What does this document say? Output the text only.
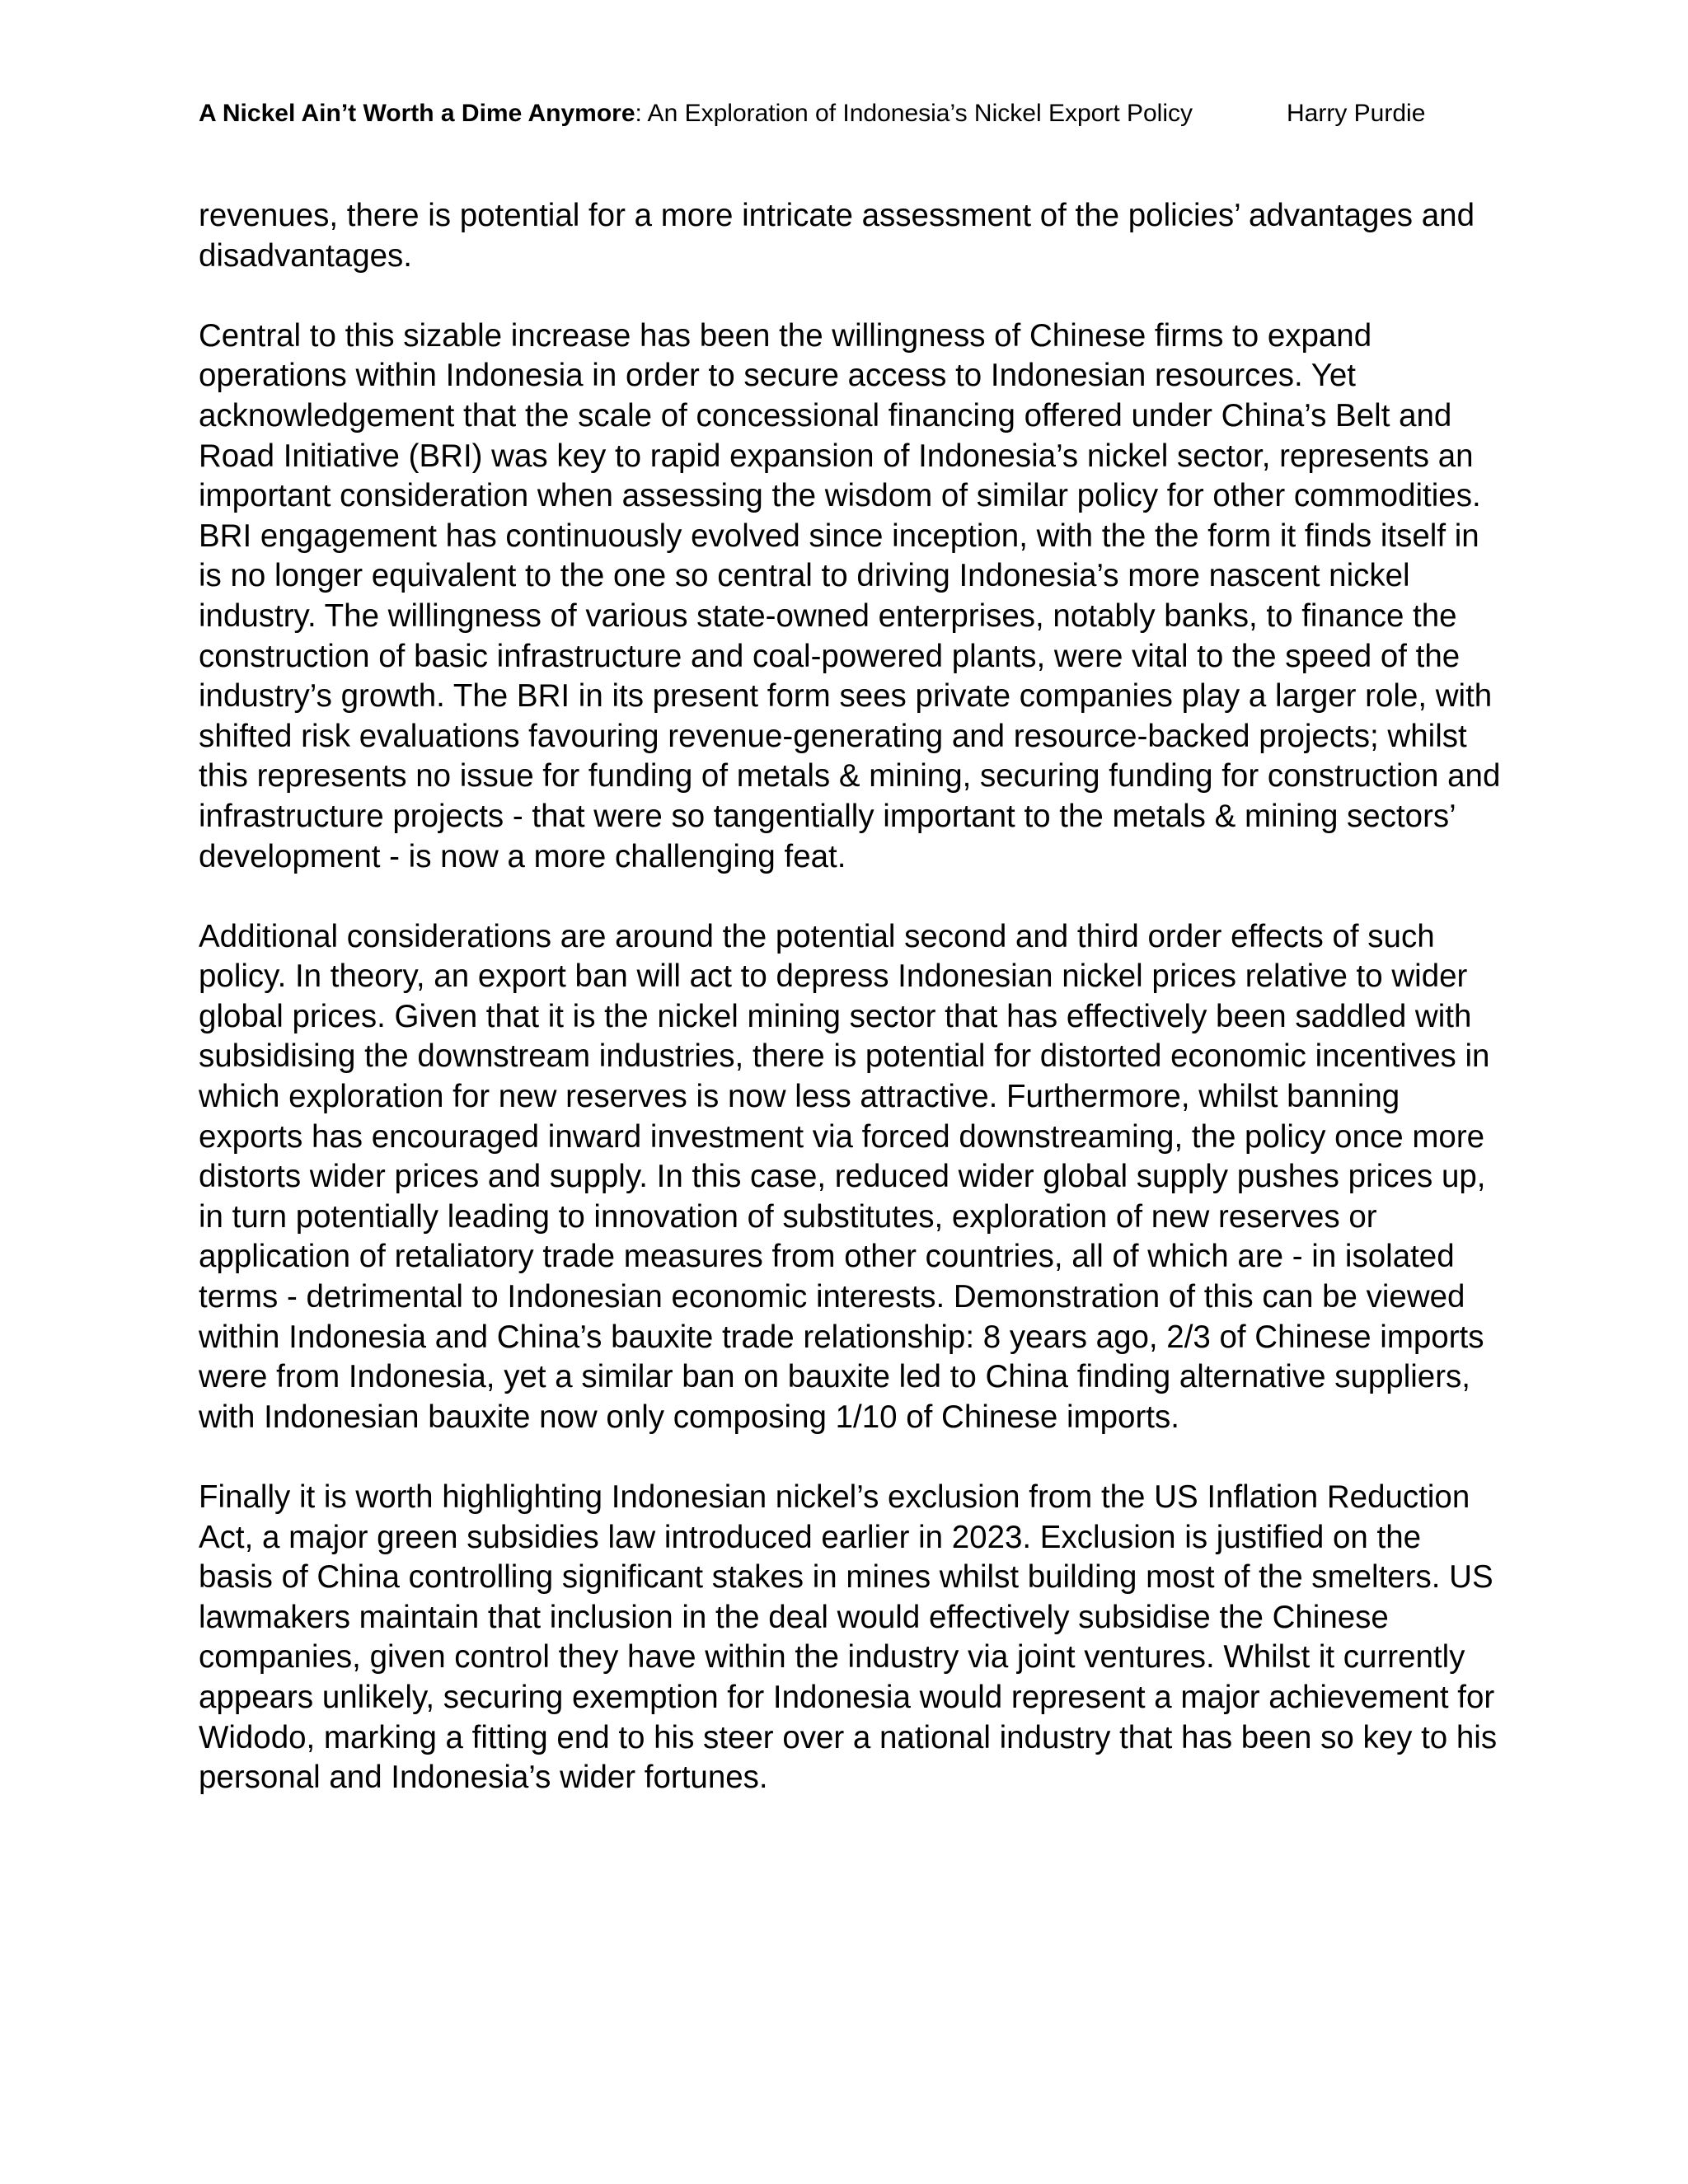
A Nickel Ain’t Worth a Dime Anymore: An Exploration of Indonesia’s Nickel Export Policy	Harry Purdie

revenues, there is potential for a more intricate assessment of the policies’ advantages and disadvantages.

Central to this sizable increase has been the willingness of Chinese firms to expand operations within Indonesia in order to secure access to Indonesian resources. Yet acknowledgement that the scale of concessional financing offered under China’s Belt and Road Initiative (BRI) was key to rapid expansion of Indonesia’s nickel sector, represents an important consideration when assessing the wisdom of similar policy for other commodities. BRI engagement has continuously evolved since inception, with the the form it finds itself in is no longer equivalent to the one so central to driving Indonesia’s more nascent nickel industry. The willingness of various state-owned enterprises, notably banks, to finance the construction of basic infrastructure and coal-powered plants, were vital to the speed of the industry’s growth. The BRI in its present form sees private companies play a larger role, with shifted risk evaluations favouring revenue-generating and resource-backed projects; whilst this represents no issue for funding of metals & mining, securing funding for construction and infrastructure projects - that were so tangentially important to the metals & mining sectors’ development - is now a more challenging feat.

Additional considerations are around the potential second and third order effects of such policy. In theory, an export ban will act to depress Indonesian nickel prices relative to wider global prices. Given that it is the nickel mining sector that has effectively been saddled with subsidising the downstream industries, there is potential for distorted economic incentives in which exploration for new reserves is now less attractive. Furthermore, whilst banning exports has encouraged inward investment via forced downstreaming, the policy once more distorts wider prices and supply. In this case, reduced wider global supply pushes prices up, in turn potentially leading to innovation of substitutes, exploration of new reserves or application of retaliatory trade measures from other countries, all of which are - in isolated terms - detrimental to Indonesian economic interests. Demonstration of this can be viewed within Indonesia and China’s bauxite trade relationship: 8 years ago, 2/3 of Chinese imports were from Indonesia, yet a similar ban on bauxite led to China finding alternative suppliers, with Indonesian bauxite now only composing 1/10 of Chinese imports.

Finally it is worth highlighting Indonesian nickel’s exclusion from the US Inflation Reduction Act, a major green subsidies law introduced earlier in 2023. Exclusion is justified on the basis of China controlling significant stakes in mines whilst building most of the smelters. US lawmakers maintain that inclusion in the deal would effectively subsidise the Chinese companies, given control they have within the industry via joint ventures. Whilst it currently appears unlikely, securing exemption for Indonesia would represent a major achievement for Widodo, marking a fitting end to his steer over a national industry that has been so key to his personal and Indonesia’s wider fortunes.
